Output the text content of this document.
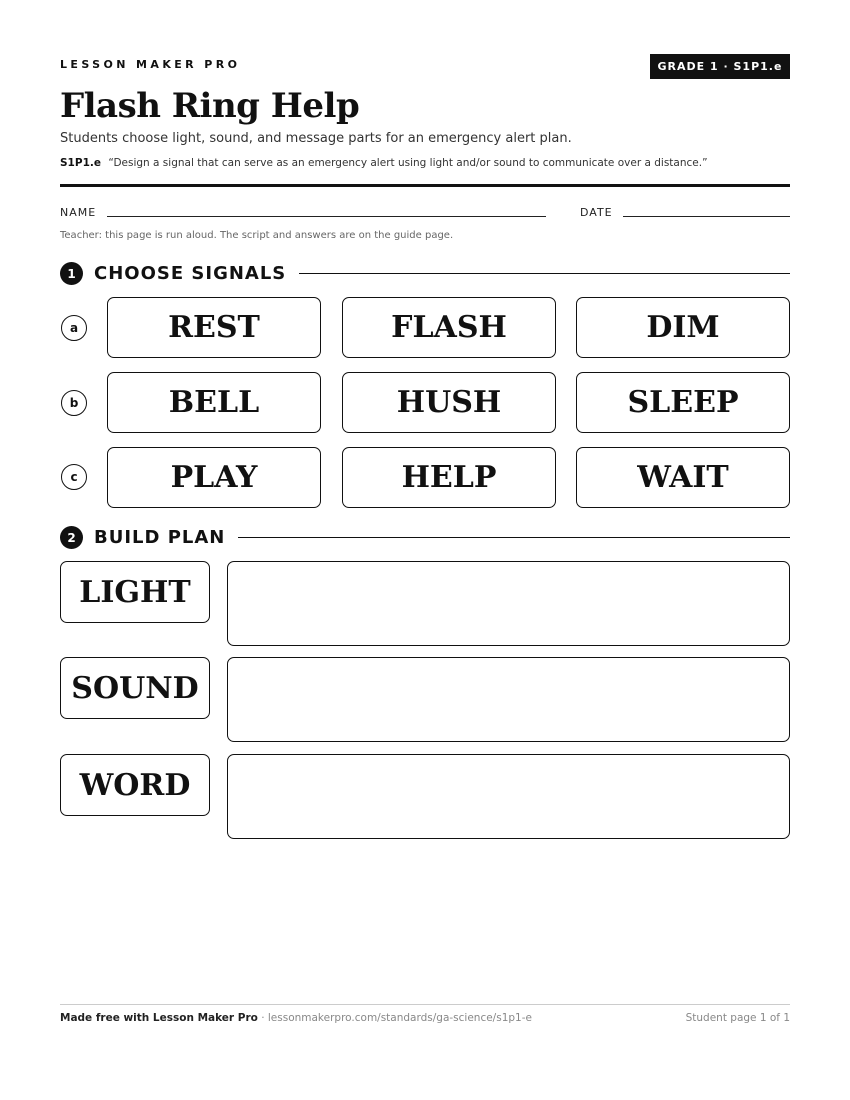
LESSON MAKER PRO	GRADE 1 · S1P1.e
Flash Ring Help
Students choose light, sound, and message parts for an emergency alert plan.
S1P1.e “Design a signal that can serve as an emergency alert using light and/or sound to communicate over a distance.”
NAME	DATE
Teacher: this page is run aloud. The script and answers are on the guide page.
1	CHOOSE SIGNALS
a	REST	FLASH	DIM
b	BELL	HUSH	SLEEP
c	PLAY	HELP	WAIT
2	BUILD PLAN
LIGHT
SOUND
WORD
Made free with Lesson Maker Pro · lessonmakerpro.com/standards/ga-science/s1p1-e	Student page 1 of 1
